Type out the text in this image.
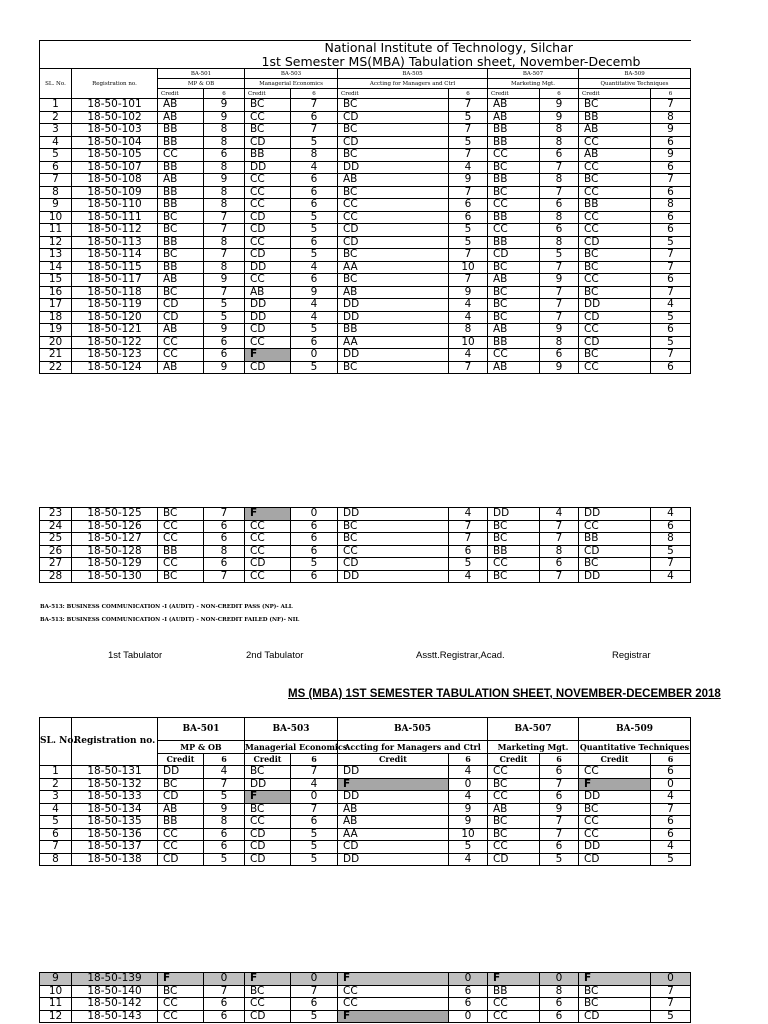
				National Institute of Technology, Silchar							
				1st Semester MS(MBA) Tabulation sheet, November-Decemb							
SL. No.	Registration no.	BA-501		BA-503		BA-505		BA-507		BA-509	
		MP & OB		Managerial Economics		Accting for Managers and Ctrl		Marketing Mgt.		Quantitative Techniques	
		Credit	6	Credit	6	Credit	6	Credit	6	Credit	6
1	18-50-101	AB	9	BC	7	BC	7	AB	9	BC	7
2	18-50-102	AB	9	CC	6	CD	5	AB	9	BB	8
3	18-50-103	BB	8	BC	7	BC	7	BB	8	AB	9
4	18-50-104	BB	8	CD	5	CD	5	BB	8	CC	6
5	18-50-105	CC	6	BB	8	BC	7	CC	6	AB	9
6	18-50-107	BB	8	DD	4	DD	4	BC	7	CC	6
7	18-50-108	AB	9	CC	6	AB	9	BB	8	BC	7
8	18-50-109	BB	8	CC	6	BC	7	BC	7	CC	6
9	18-50-110	BB	8	CC	6	CC	6	CC	6	BB	8
10	18-50-111	BC	7	CD	5	CC	6	BB	8	CC	6
11	18-50-112	BC	7	CD	5	CD	5	CC	6	CC	6
12	18-50-113	BB	8	CC	6	CD	5	BB	8	CD	5
13	18-50-114	BC	7	CD	5	BC	7	CD	5	BC	7
14	18-50-115	BB	8	DD	4	AA	10	BC	7	BC	7
15	18-50-117	AB	9	CC	6	BC	7	AB	9	CC	6
16	18-50-118	BC	7	AB	9	AB	9	BC	7	BC	7
17	18-50-119	CD	5	DD	4	DD	4	BC	7	DD	4
18	18-50-120	CD	5	DD	4	DD	4	BC	7	CD	5
19	18-50-121	AB	9	CD	5	BB	8	AB	9	CC	6
20	18-50-122	CC	6	CC	6	AA	10	BB	8	CD	5
21	18-50-123	CC	6	F	0	DD	4	CC	6	BC	7
22	18-50-124	AB	9	CD	5	BC	7	AB	9	CC	6
23	18-50-125	BC	7	F	0	DD	4	DD	4	DD	4
24	18-50-126	CC	6	CC	6	BC	7	BC	7	CC	6
25	18-50-127	CC	6	CC	6	BC	7	BC	7	BB	8
26	18-50-128	BB	8	CC	6	CC	6	BB	8	CD	5
27	18-50-129	CC	6	CD	5	CD	5	CC	6	BC	7
28	18-50-130	BC	7	CC	6	DD	4	BC	7	DD	4
BA-513: BUSINESS COMMUNICATION -I (AUDIT) - NON-CREDIT PASS (NP)- ALL
BA-513: BUSINESS COMMUNICATION -I (AUDIT) - NON-CREDIT FAILED (NF)- NIL
1st Tabulator	2nd Tabulator	Asstt.Registrar,Acad.	Registrar
MS (MBA) 1ST SEMESTER TABULATION SHEET, NOVEMBER-DECEMBER 2018
SL. No.	Registration no.	BA-501		BA-503		BA-505		BA-507		BA-509	
		MP & OB		Managerial Economics		Accting for Managers and Ctrl		Marketing Mgt.		Quantitative Techniques	
		Credit	6	Credit	6	Credit	6	Credit	6	Credit	6
1	18-50-131	DD	4	BC	7	DD	4	CC	6	CC	6
2	18-50-132	BC	7	DD	4	F	0	BC	7	F	0
3	18-50-133	CD	5	F	0	DD	4	CC	6	DD	4
4	18-50-134	AB	9	BC	7	AB	9	AB	9	BC	7
5	18-50-135	BB	8	CC	6	AB	9	BC	7	CC	6
6	18-50-136	CC	6	CD	5	AA	10	BC	7	CC	6
7	18-50-137	CC	6	CD	5	CD	5	CC	6	DD	4
8	18-50-138	CD	5	CD	5	DD	4	CD	5	CD	5
9	18-50-139	F	0	F	0	F	0	F	0	F	0
10	18-50-140	BC	7	BC	7	CC	6	BB	8	BC	7
11	18-50-142	CC	6	CC	6	CC	6	CC	6	BC	7
12	18-50-143	CC	6	CD	5	F	0	CC	6	CD	5
